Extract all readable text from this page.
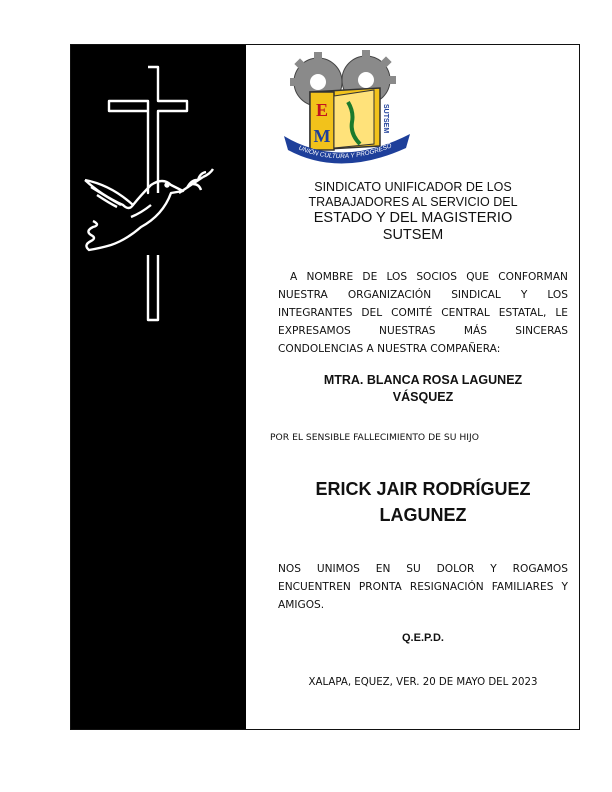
E
M
SUTSEM
UNIÓN CULTURA Y PROGRESO
SINDICATO UNIFICADOR DE LOS
TRABAJADORES AL SERVICIO DEL
ESTADO Y DEL MAGISTERIO
SUTSEM
A NOMBRE DE LOS SOCIOS QUE CONFORMAN NUESTRA ORGANIZACIÓN SINDICAL Y LOS INTEGRANTES DEL COMITÉ CENTRAL ESTATAL, LE EXPRESAMOS NUESTRAS MÁS SINCERAS CONDOLENCIAS A NUESTRA COMPAÑERA:
MTRA. BLANCA ROSA LAGUNEZ
VÁSQUEZ
POR EL SENSIBLE FALLECIMIENTO DE SU HIJO
ERICK JAIR RODRÍGUEZ
LAGUNEZ
NOS UNIMOS EN SU DOLOR Y ROGAMOS ENCUENTREN PRONTA RESIGNACIÓN FAMILIARES Y AMIGOS.
Q.E.P.D.
XALAPA, EQUEZ, VER. 20 DE MAYO DEL 2023
